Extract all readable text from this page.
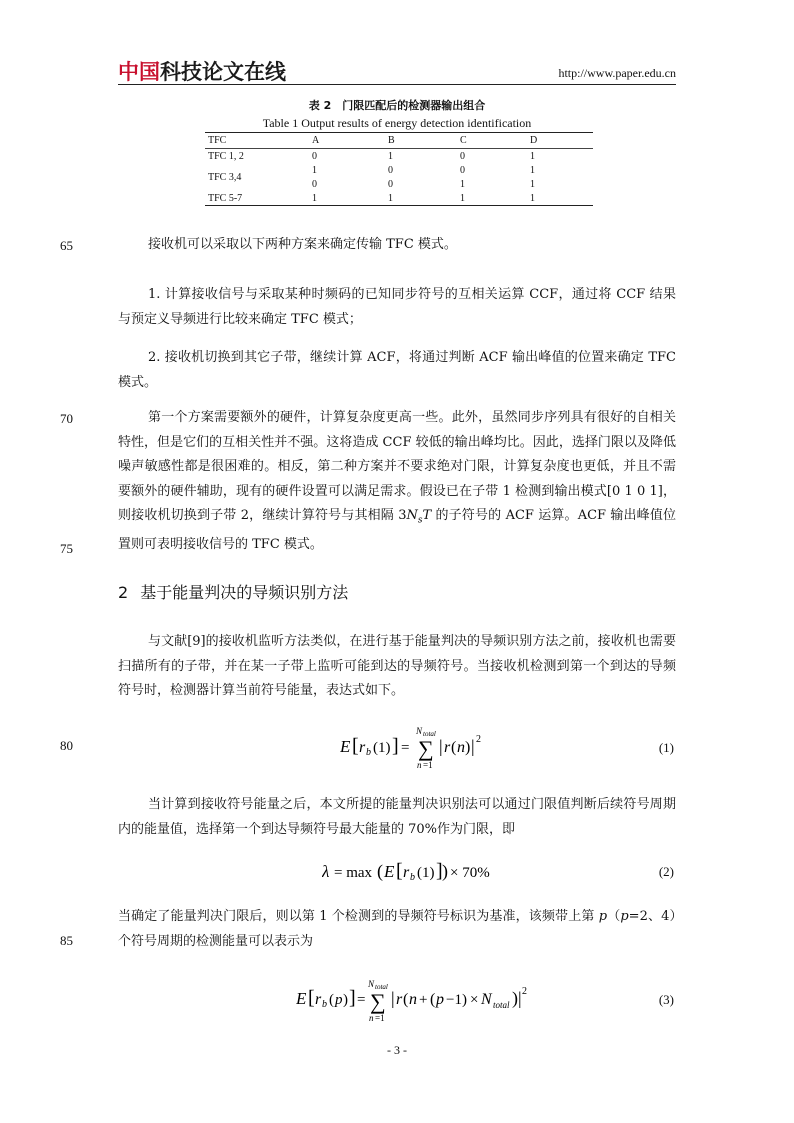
中国科技论文在线	http://www.paper.edu.cn
表 2　门限匹配后的检测器输出组合
Table 1 Output results of energy detection identification
TFC	A	B	C	D
TFC 1, 2	0	1	0	1
TFC 3,4
1	0	0	1
0	0	1	1
TFC 5-7	1	1	1	1
65
70
75
80
85
接收机可以采取以下两种方案来确定传输 TFC 模式。
1. 计算接收信号与采取某种时频码的已知同步符号的互相关运算 CCF，通过将 CCF 结果与预定义导频进行比较来确定 TFC 模式；
2. 接收机切换到其它子带，继续计算 ACF，将通过判断 ACF 输出峰值的位置来确定 TFC 模式。
第一个方案需要额外的硬件，计算复杂度更高一些。此外，虽然同步序列具有很好的自相关特性，但是它们的互相关性并不强。这将造成 CCF 较低的输出峰均比。因此，选择门限以及降低噪声敏感性都是很困难的。相反，第二种方案并不要求绝对门限，计算复杂度也更低，并且不需要额外的硬件辅助，现有的硬件设置可以满足需求。假设已在子带 1 检测到输出模式[0 1 0 1]，则接收机切换到子带 2，继续计算符号与其相隔 $3N_sT$ 的子符号的 ACF 运算。ACF 输出峰值位置则可表明接收信号的 TFC 模式。
2 基于能量判决的导频识别方法
与文献[9]的接收机监听方法类似，在进行基于能量判决的导频识别方法之前，接收机也需要扫描所有的子带，并在某一子带上监听可能到达的导频符号。当接收机检测到第一个到达的导频符号时，检测器计算当前符号能量，表达式如下。
E [ r b (1) ] =
N total
∑
n =1
| r ( n ) | 2
(1)
当计算到接收符号能量之后，本文所提的能量判决识别法可以通过门限值判断后续符号周期内的能量值，选择第一个到达导频符号最大能量的 70%作为门限，即
λ = max ( E [ r b (1) ] ) × 70%	(2)
当确定了能量判决门限后，则以第 1 个检测到的导频符号标识为基准，该频带上第 p（p=2、4）个符号周期的检测能量可以表示为
E [ r b ( p ) ] =
N total
∑
n =1
| r ( n + ( p −1) × N total )| 2
(3)
- 3 -
